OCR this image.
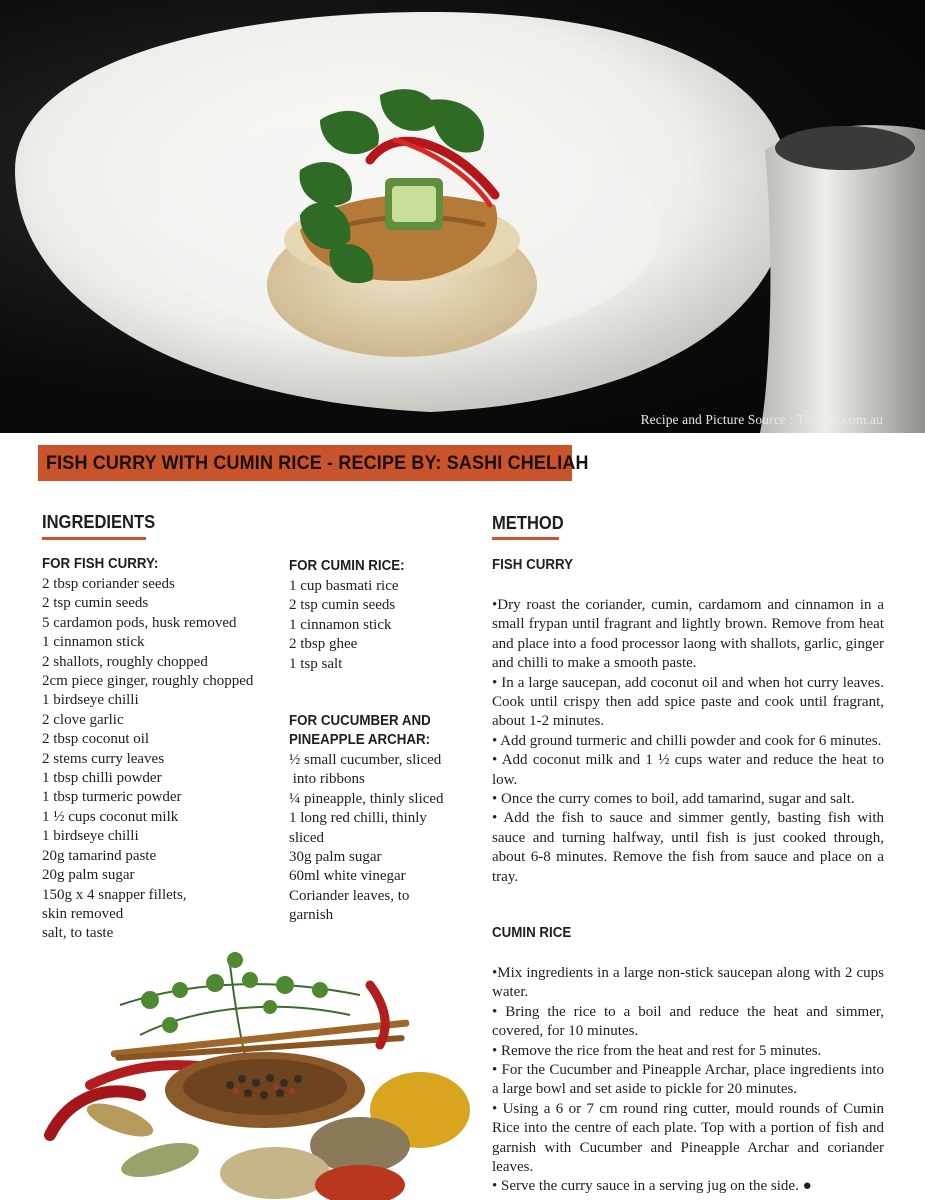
Recipe and Picture Source : Tenplay.com.au
FISH CURRY WITH CUMIN RICE - RECIPE BY: SASHI CHELIAH
INGREDIENTS
FOR FISH CURRY:
2 tbsp coriander seeds
2 tsp cumin seeds
5 cardamon pods, husk removed
1 cinnamon stick
2 shallots, roughly chopped
2cm piece ginger, roughly chopped
1 birdseye chilli
2 clove garlic
2 tbsp coconut oil
2 stems curry leaves
1 tbsp chilli powder
1 tbsp turmeric powder
1 ½ cups coconut milk
1 birdseye chilli
20g tamarind paste
20g palm sugar
150g x 4 snapper fillets,
skin removed
salt, to taste
FOR CUMIN RICE:
1 cup basmati rice
2 tsp cumin seeds
1 cinnamon stick
2 tbsp ghee
1 tsp salt
FOR CUCUMBER AND
PINEAPPLE ARCHAR:
½ small cucumber, sliced
into ribbons
¼ pineapple, thinly sliced
1 long red chilli, thinly
sliced
30g palm sugar
60ml white vinegar
Coriander leaves, to
garnish
METHOD
FISH CURRY

•Dry roast the coriander, cumin, cardamom and cinnamon in a small frypan until fragrant and lightly brown. Remove from heat and place into a food processor laong with shallots, garlic, ginger and chilli to make a smooth paste.

• In a large saucepan, add coconut oil and when hot curry leaves. Cook until crispy then add spice paste and cook until fragrant, about 1-2 minutes.

• Add ground turmeric and chilli powder and cook for 6 minutes.

• Add coconut milk and 1 ½ cups water and reduce the heat to low.

• Once the curry comes to boil, add tamarind, sugar and salt.

• Add the fish to sauce and simmer gently, basting fish with sauce and turning halfway, until fish is just cooked through, about 6-8 minutes. Remove the fish from sauce and place on a tray.

CUMIN RICE

•Mix ingredients in a large non-stick saucepan along with 2 cups water.

• Bring the rice to a boil and reduce the heat and simmer, covered, for 10 minutes.

• Remove the rice from the heat and rest for 5 minutes.

• For the Cucumber and Pineapple Archar, place ingredients into a large bowl and set aside to pickle for 20 minutes.

• Using a 6 or 7 cm round ring cutter, mould rounds of Cumin Rice into the centre of each plate. Top with a portion of fish and garnish with Cucumber and Pineapple Archar and coriander leaves.

• Serve the curry sauce in a serving jug on the side. ●
